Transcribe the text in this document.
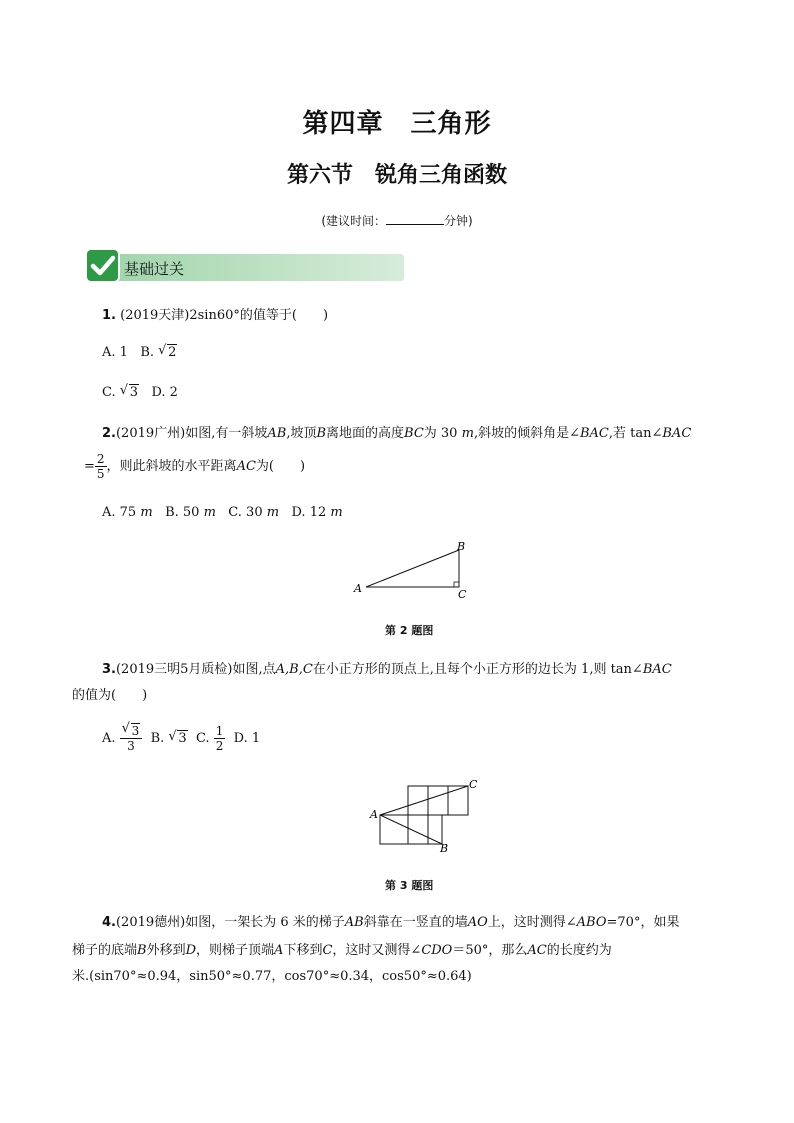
第四章　三角形
第六节　锐角三角函数
(建议时间：	分钟)
基础过关
1. (2019天津)2sin60°的值等于(　　)
A. 1 B. √ 2
C. √ 3 D. 2
2.(2019广州)如图,有一斜坡AB,坡顶B离地面的高度BC为 30 m,斜坡的倾斜角是∠BAC,若 tan∠BAC
= $\frac{2}{5}$ ，则此斜坡的水平距离AC为(　　)
A. 75 m B. 50 m C. 30 m D. 12 m
A
B
C
第 2 题图
3.(2019三明5月质检)如图,点A,B,C在小正方形的顶点上,且每个小正方形的边长为 1,则 tan∠BAC
的值为(　　)
A. $\frac{√ 3}{3} B$. √ 3 C. $\frac{1}{2} D$. 1
A
B
C
第 3 题图
4.(2019德州)如图，一架长为 6 米的梯子AB斜靠在一竖直的墙AO上，这时测得∠ABO=70°，如果
梯子的底端B外移到D，则梯子顶端A下移到C，这时又测得∠CDO＝50°，那么AC的长度约为
米.(sin70°≈0.94，sin50°≈0.77，cos70°≈0.34，cos50°≈0.64)
